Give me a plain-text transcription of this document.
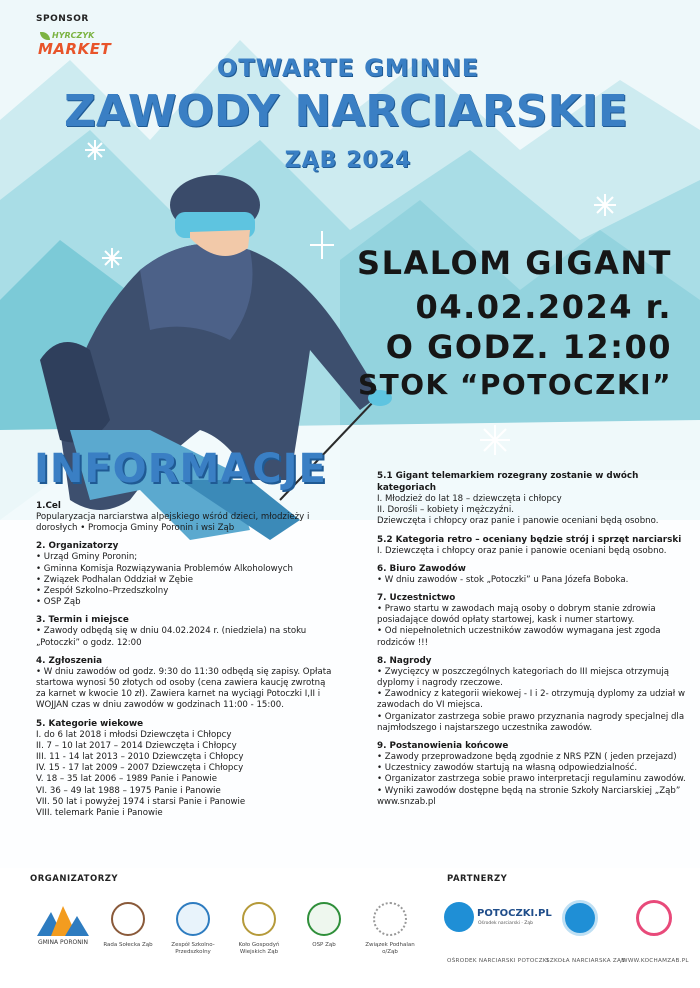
SPONSOR
HYRCZYK
MARKET
OTWARTE GMINNE
ZAWODY NARCIARSKIE
ZĄB 2024
SLALOM GIGANT
04.02.2024 r.
O GODZ. 12:00
STOK “POTOCZKI”
INFORMACJE
1.Cel

Popularyzacja narciarstwa alpejskiego wśród dzieci, młodzieży i dorosłych • Promocja Gminy Poronin i wsi Ząb

2. Organizatorzy

• Urząd Gminy Poronin;

• Gminna Komisja Rozwiązywania Problemów Alkoholowych

• Związek Podhalan Oddział w Zębie

• Zespół Szkolno–Przedszkolny

• OSP Ząb

3. Termin i miejsce

• Zawody odbędą się w dniu 04.02.2024 r. (niedziela) na stoku „Potoczki” o godz. 12:00

4. Zgłoszenia

• W dniu zawodów od godz. 9:30 do 11:30 odbędą się zapisy. Opłata startowa wynosi 50 złotych od osoby (cena zawiera kaucję zwrotną za karnet w kwocie 10 zł). Zawiera karnet na wyciągi Potoczki I,II i WOJJAN czas w dniu zawodów w godzinach 11:00 - 15:00.

5. Kategorie wiekowe

I. do 6 lat 2018 i młodsi Dziewczęta i Chłopcy

II. 7 – 10 lat 2017 – 2014 Dziewczęta i Chłopcy

III. 11 - 14 lat 2013 – 2010 Dziewczęta i Chłopcy

IV. 15 - 17 lat 2009 – 2007 Dziewczęta i Chłopcy

V. 18 – 35 lat 2006 – 1989 Panie i Panowie

VI. 36 – 49 lat 1988 – 1975 Panie i Panowie

VII. 50 lat i powyżej 1974 i starsi Panie i Panowie

VIII. telemark Panie i Panowie

5.1 Gigant telemarkiem rozegrany zostanie w dwóch kategoriach

I. Młodzież do lat 18 – dziewczęta i chłopcy

II. Dorośli – kobiety i mężczyźni.

Dziewczęta i chłopcy oraz panie i panowie oceniani będą osobno.

5.2 Kategoria retro – oceniany będzie strój i sprzęt narciarski

I. Dziewczęta i chłopcy oraz panie i panowie oceniani będą osobno.

6. Biuro Zawodów

• W dniu zawodów - stok „Potoczki” u Pana Józefa Boboka.

7. Uczestnictwo

• Prawo startu w zawodach mają osoby o dobrym stanie zdrowia posiadające dowód opłaty startowej, kask i numer startowy.

• Od niepełnoletnich uczestników zawodów wymagana jest zgoda rodziców !!!

8. Nagrody

• Zwycięzcy w poszczególnych kategoriach do III miejsca otrzymują dyplomy i nagrody rzeczowe.

• Zawodnicy z kategorii wiekowej - I i 2- otrzymują dyplomy za udział w zawodach do VI miejsca.

• Organizator zastrzega sobie prawo przyznania nagrody specjalnej dla najmłodszego i najstarszego uczestnika zawodów.

9. Postanowienia końcowe

• Zawody przeprowadzone będą zgodnie z NRS PZN ( jeden przejazd)

• Uczestnicy zawodów startują na własną odpowiedzialność.

• Organizator zastrzega sobie prawo interpretacji regulaminu zawodów.

• Wyniki zawodów dostępne będą na stronie Szkoły Narciarskiej „Ząb” www.snzab.pl

ORGANIZATORZY	PARTNERZY
GMINA PORONIN	Rada Sołecka Ząb	Zespół Szkolno-Przedszkolny
Koło Gospodyń Wiejskich Ząb
OSP Ząb	Związek Podhalan o/Ząb
POTOCZKI.PL
Ośrodek narciarski · Ząb
OŚRODEK NARCIARSKI POTOCZKI
SZKOŁA NARCIARSKA ZĄB
WWW.KOCHAMZAB.PL
